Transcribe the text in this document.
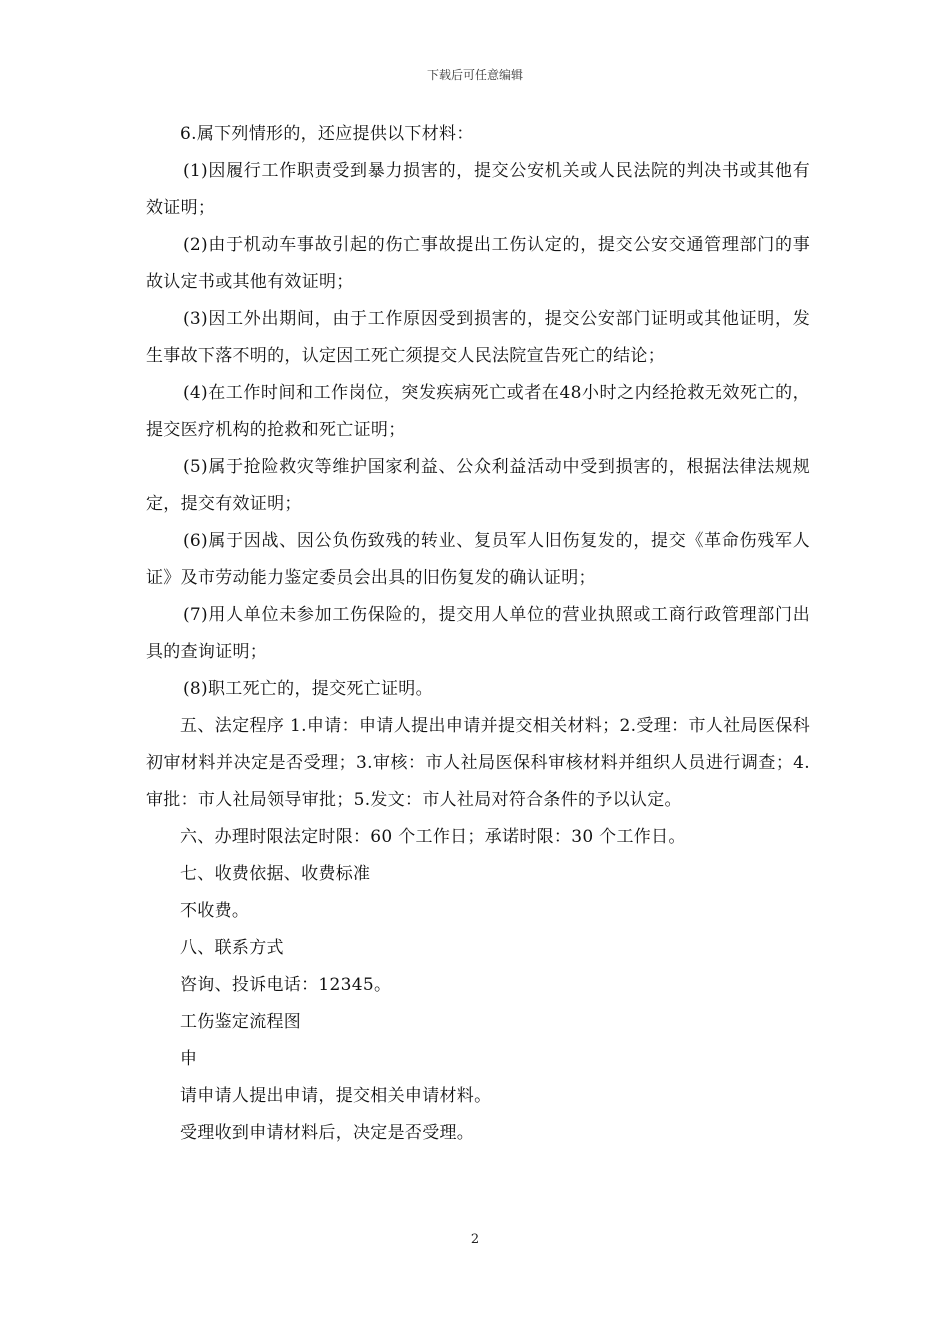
下载后可任意编辑

6.属下列情形的，还应提供以下材料：

(1)因履行工作职责受到暴力损害的，提交公安机关或人民法院的判决书或其他有效证明；

(2)由于机动车事故引起的伤亡事故提出工伤认定的，提交公安交通管理部门的事故认定书或其他有效证明；

(3)因工外出期间，由于工作原因受到损害的，提交公安部门证明或其他证明，发生事故下落不明的，认定因工死亡须提交人民法院宣告死亡的结论；

(4)在工作时间和工作岗位，突发疾病死亡或者在48小时之内经抢救无效死亡的，提交医疗机构的抢救和死亡证明；

(5)属于抢险救灾等维护国家利益、公众利益活动中受到损害的，根据法律法规规定，提交有效证明；

(6)属于因战、因公负伤致残的转业、复员军人旧伤复发的，提交《革命伤残军人证》及市劳动能力鉴定委员会出具的旧伤复发的确认证明；

(7)用人单位未参加工伤保险的，提交用人单位的营业执照或工商行政管理部门出具的查询证明；

(8)职工死亡的，提交死亡证明。

五、法定程序 1.申请：申请人提出申请并提交相关材料；2.受理：市人社局医保科初审材料并决定是否受理；3.审核：市人社局医保科审核材料并组织人员进行调查；4.审批：市人社局领导审批；5.发文：市人社局对符合条件的予以认定。

六、办理时限法定时限：60 个工作日；承诺时限：30 个工作日。

七、收费依据、收费标准

不收费。

八、联系方式

咨询、投诉电话：12345。

工伤鉴定流程图

申

请申请人提出申请，提交相关申请材料。

受理收到申请材料后，决定是否受理。

2
